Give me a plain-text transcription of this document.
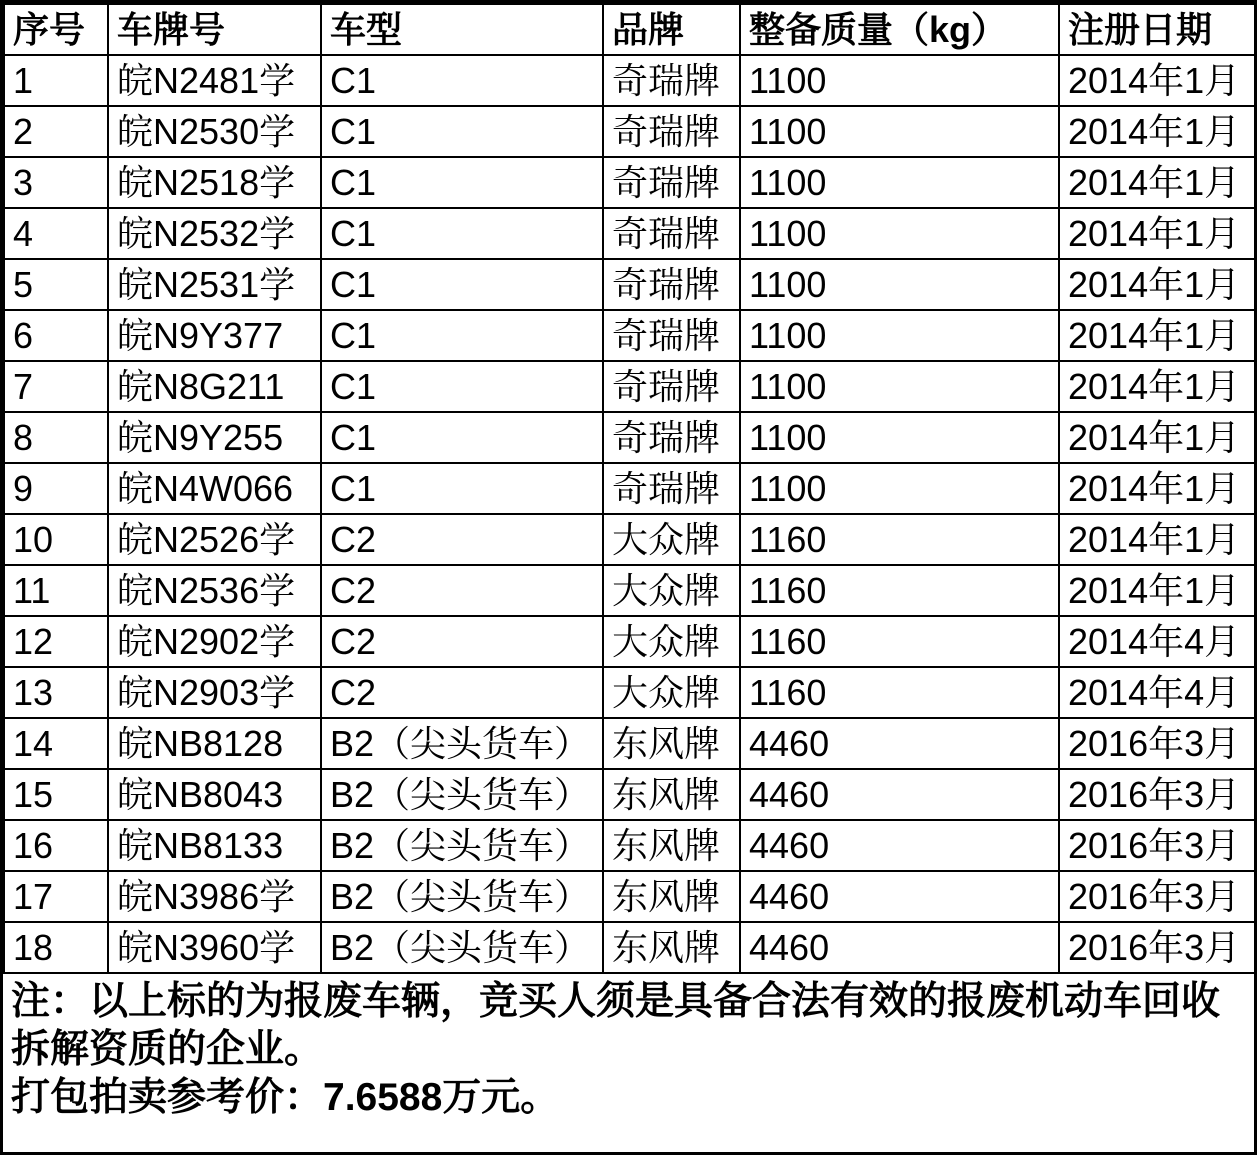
序号	车牌号	车型	品牌	整备质量（kg）	注册日期
1	皖N2481学	C1	奇瑞牌	1100	2014年1月
2	皖N2530学	C1	奇瑞牌	1100	2014年1月
3	皖N2518学	C1	奇瑞牌	1100	2014年1月
4	皖N2532学	C1	奇瑞牌	1100	2014年1月
5	皖N2531学	C1	奇瑞牌	1100	2014年1月
6	皖N9Y377	C1	奇瑞牌	1100	2014年1月
7	皖N8G211	C1	奇瑞牌	1100	2014年1月
8	皖N9Y255	C1	奇瑞牌	1100	2014年1月
9	皖N4W066	C1	奇瑞牌	1100	2014年1月
10	皖N2526学	C2	大众牌	1160	2014年1月
11	皖N2536学	C2	大众牌	1160	2014年1月
12	皖N2902学	C2	大众牌	1160	2014年4月
13	皖N2903学	C2	大众牌	1160	2014年4月
14	皖NB8128	B2（尖头货车）	东风牌	4460	2016年3月
15	皖NB8043	B2（尖头货车）	东风牌	4460	2016年3月
16	皖NB8133	B2（尖头货车）	东风牌	4460	2016年3月
17	皖N3986学	B2（尖头货车）	东风牌	4460	2016年3月
18	皖N3960学	B2（尖头货车）	东风牌	4460	2016年3月
注：以上标的为报废车辆，竞买人须是具备合法有效的报废机动车回收
拆解资质的企业。
打包拍卖参考价：7.6588万元。
